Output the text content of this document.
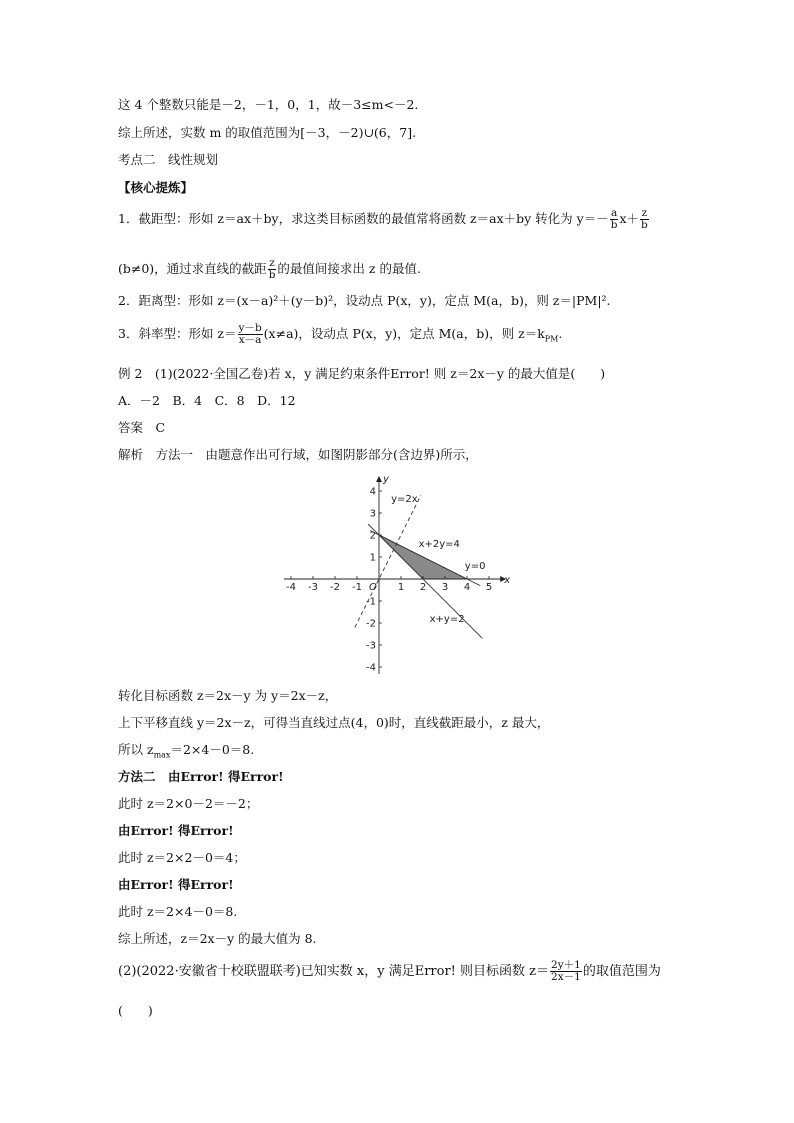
这 4 个整数只能是－2，－1，0，1，故－3≤m<－2.
综上所述，实数 m 的取值范围为[－3，－2)∪(6，7].
考点二　线性规划
【核心提炼】
1．截距型：形如 z＝ax＋by，求这类目标函数的最值常将函数 z＝ax＋by 转化为 $y=- \frac{a}{b} x+ \frac{z}{b}$
(b≠0)，通过求直线的截距 $\frac{z}{b}$ 的最值间接求出 z 的最值.
2．距离型：形如 z＝(x－a)²＋(y－b)²，设动点 P(x，y)，定点 M(a，b)，则 z＝|PM|².
3．斜率型：形如 $z= \frac{y-b}{x-a} (x\ne a)$，设动点 P(x，y)，定点 M(a，b)，则 $z=k_{PM}$.
例 2　(1)(2022·全国乙卷)若 x，y 满足约束条件Error! 则 z＝2x－y 的最大值是(　　)
A．－2　B．4　C．8　D．12
答案　C
解析　方法一　由题意作出可行域，如图阴影部分(含边界)所示，
-4 -3 -2 -1	1 2 3 4 5
4
3
2
1
-1
-2
-3
-4
x
y
O
y=2x
x+2y=4
y=0
x+y=2
转化目标函数 z＝2x－y 为 y＝2x－z，
上下平移直线 y＝2x－z，可得当直线过点(4，0)时，直线截距最小，z 最大，
所以 $z_{max}=2\times 4-0=8$.
方法二　由Error! 得Error!
此时 z＝2×0－2＝－2；
由Error! 得Error!
此时 z＝2×2－0＝4；
由Error! 得Error!
此时 z＝2×4－0＝8.
综上所述，z＝2x－y 的最大值为 8.
(2)(2022·安徽省十校联盟联考)已知实数 x，y 满足Error! 则目标函数 $z= \frac{2y+1}{2x-1}$ 的取值范围为
(　　)
